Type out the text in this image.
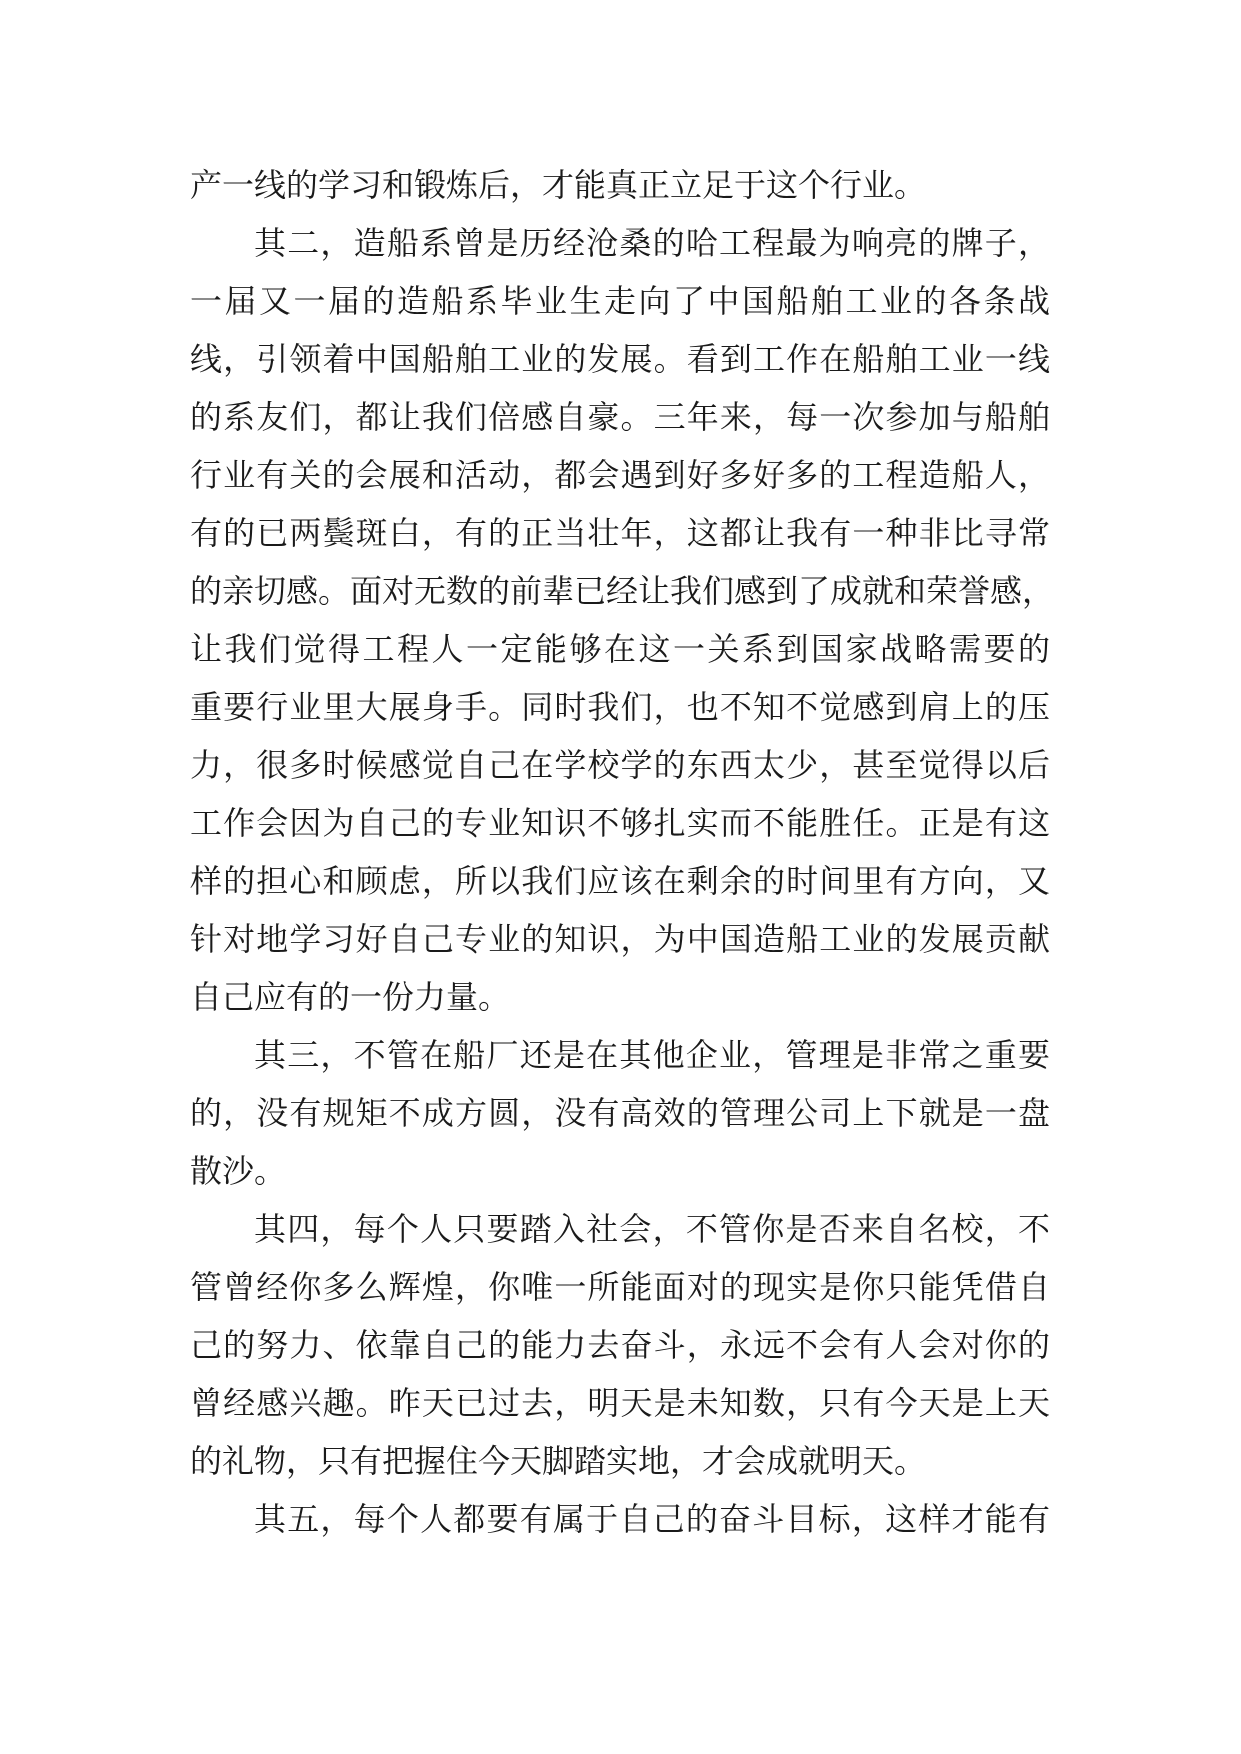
产一线的学习和锻炼后，才能真正立足于这个行业。
其二，造船系曾是历经沧桑的哈工程最为响亮的牌子，
一届又一届的造船系毕业生走向了中国船舶工业的各条战
线，引领着中国船舶工业的发展。看到工作在船舶工业一线
的系友们，都让我们倍感自豪。三年来，每一次参加与船舶
行业有关的会展和活动，都会遇到好多好多的工程造船人，
有的已两鬓斑白，有的正当壮年，这都让我有一种非比寻常
的亲切感。面对无数的前辈已经让我们感到了成就和荣誉感，
让我们觉得工程人一定能够在这一关系到国家战略需要的
重要行业里大展身手。同时我们，也不知不觉感到肩上的压
力，很多时候感觉自己在学校学的东西太少，甚至觉得以后
工作会因为自己的专业知识不够扎实而不能胜任。正是有这
样的担心和顾虑，所以我们应该在剩余的时间里有方向，又
针对地学习好自己专业的知识，为中国造船工业的发展贡献
自己应有的一份力量。
其三，不管在船厂还是在其他企业，管理是非常之重要
的，没有规矩不成方圆，没有高效的管理公司上下就是一盘
散沙。
其四，每个人只要踏入社会，不管你是否来自名校，不
管曾经你多么辉煌，你唯一所能面对的现实是你只能凭借自
己的努力、依靠自己的能力去奋斗，永远不会有人会对你的
曾经感兴趣。昨天已过去，明天是未知数，只有今天是上天
的礼物，只有把握住今天脚踏实地，才会成就明天。
其五，每个人都要有属于自己的奋斗目标，这样才能有
